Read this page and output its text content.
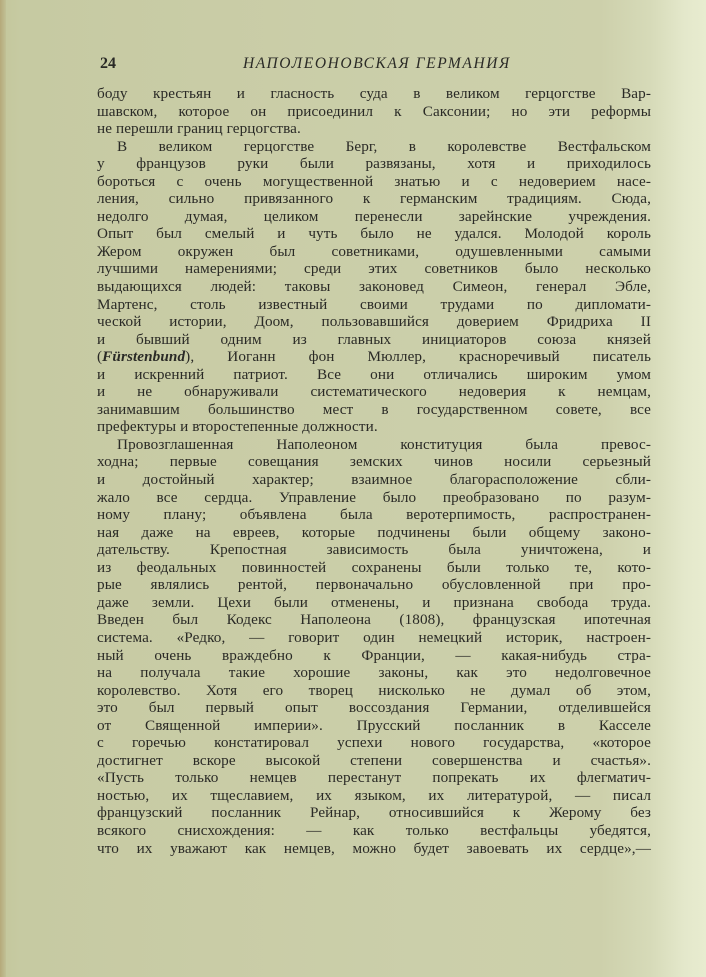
24	НАПОЛЕОНОВСКАЯ ГЕРМАНИЯ
боду крестьян и гласность суда в великом герцогстве Вар-
шавском, которое он присоединил к Саксонии; но эти реформы
не перешли границ герцогства.
В великом герцогстве Берг, в королевстве Вестфальском
у французов руки были развязаны, хотя и приходилось
бороться с очень могущественной знатью и с недоверием насе-
ления, сильно привязанного к германским традициям. Сюда,
недолго думая, целиком перенесли зарейнские учреждения.
Опыт был смелый и чуть было не удался. Молодой король
Жером окружен был советниками, одушевленными самыми
лучшими намерениями; среди этих советников было несколько
выдающихся людей: таковы законовед Симеон, генерал Эбле,
Мартенс, столь известный своими трудами по дипломати-
ческой истории, Доом, пользовавшийся доверием Фридриха II
и бывший одним из главных инициаторов союза князей
(Fürstenbund), Иоганн фон Мюллер, красноречивый писатель
и искренний патриот. Все они отличались широким умом
и не обнаруживали систематического недоверия к немцам,
занимавшим большинство мест в государственном совете, все
префектуры и второстепенные должности.
Провозглашенная Наполеоном конституция была превос-
ходна; первые совещания земских чинов носили серьезный
и достойный характер; взаимное благорасположение сбли-
жало все сердца. Управление было преобразовано по разум-
ному плану; объявлена была веротерпимость, распространен-
ная даже на евреев, которые подчинены были общему законо-
дательству. Крепостная зависимость была уничтожена, и
из феодальных повинностей сохранены были только те, кото-
рые являлись рентой, первоначально обусловленной при про-
даже земли. Цехи были отменены, и признана свобода труда.
Введен был Кодекс Наполеона (1808), французская ипотечная
система. «Редко, — говорит один немецкий историк, настроен-
ный очень враждебно к Франции, — какая-нибудь стра-
на получала такие хорошие законы, как это недолговечное
королевство. Хотя его творец нисколько не думал об этом,
это был первый опыт воссоздания Германии, отделившейся
от Священной империи». Прусский посланник в Касселе
с горечью констатировал успехи нового государства, «которое
достигнет вскоре высокой степени совершенства и счастья».
«Пусть только немцев перестанут попрекать их флегматич-
ностью, их тщеславием, их языком, их литературой, — писал
французский посланник Рейнар, относившийся к Жерому без
всякого снисхождения: — как только вестфальцы убедятся,
что их уважают как немцев, можно будет завоевать их сердце»,—
